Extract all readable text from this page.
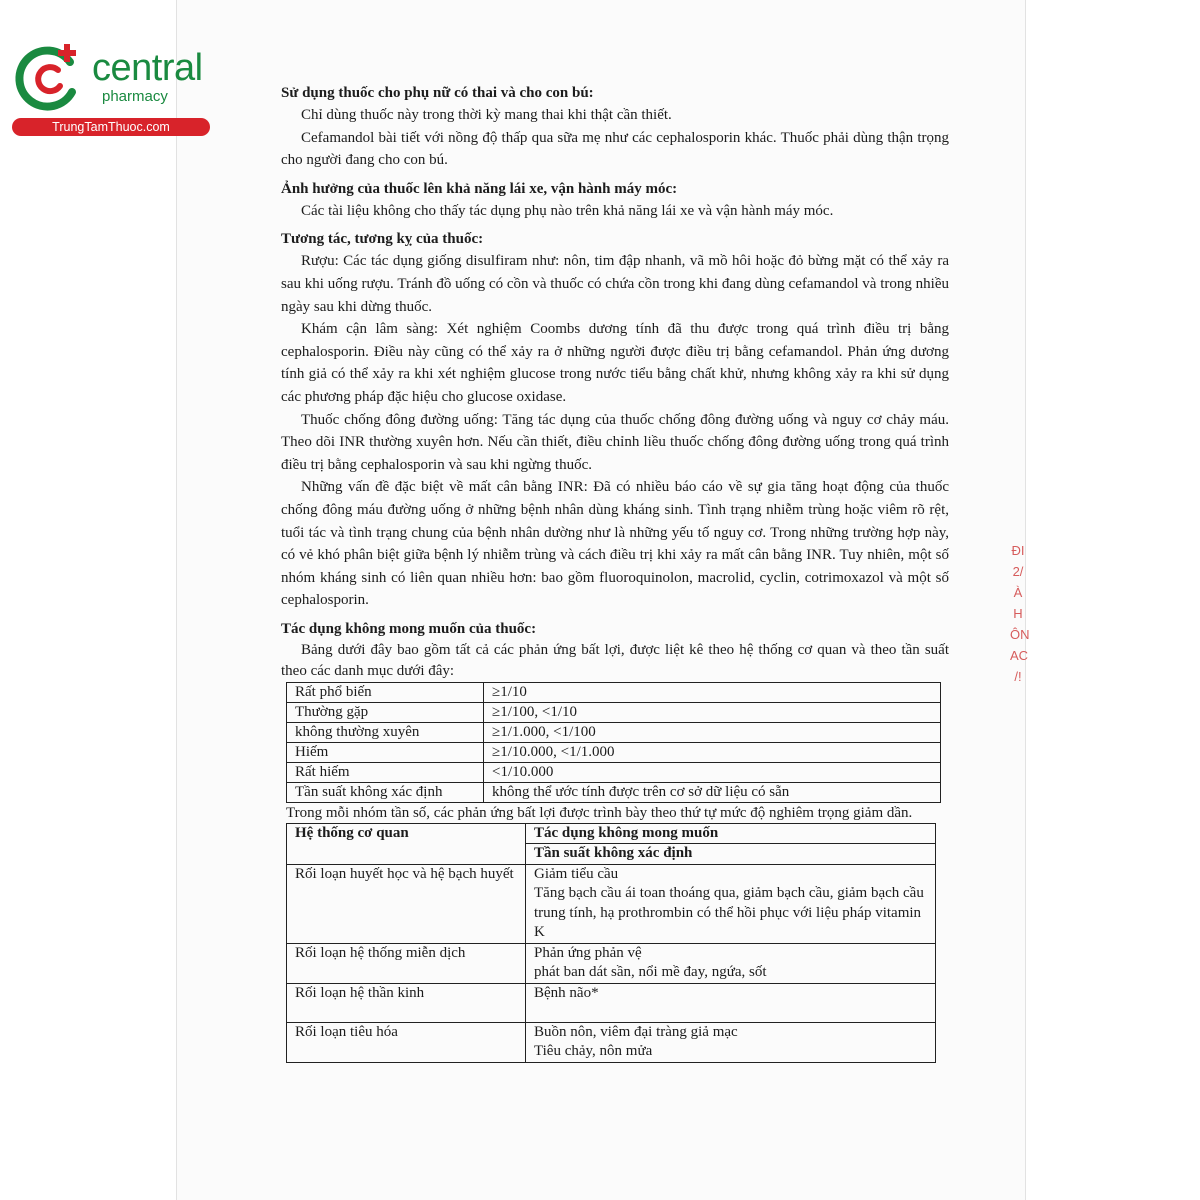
central
pharmacy
TrungTamThuoc.com
Sử dụng thuốc cho phụ nữ có thai và cho con bú:

Chỉ dùng thuốc này trong thời kỳ mang thai khi thật cần thiết.

Cefamandol bài tiết với nồng độ thấp qua sữa mẹ như các cephalosporin khác. Thuốc phải dùng thận trọng cho người đang cho con bú.

Ảnh hưởng của thuốc lên khả năng lái xe, vận hành máy móc:

Các tài liệu không cho thấy tác dụng phụ nào trên khả năng lái xe và vận hành máy móc.

Tương tác, tương kỵ của thuốc:

Rượu: Các tác dụng giống disulfiram như: nôn, tim đập nhanh, vã mồ hôi hoặc đỏ bừng mặt có thể xảy ra sau khi uống rượu. Tránh đồ uống có cồn và thuốc có chứa cồn trong khi đang dùng cefamandol và trong nhiều ngày sau khi dừng thuốc.

Khám cận lâm sàng: Xét nghiệm Coombs dương tính đã thu được trong quá trình điều trị bằng cephalosporin. Điều này cũng có thể xảy ra ở những người được điều trị bằng cefamandol. Phản ứng dương tính giả có thể xảy ra khi xét nghiệm glucose trong nước tiểu bằng chất khử, nhưng không xảy ra khi sử dụng các phương pháp đặc hiệu cho glucose oxidase.

Thuốc chống đông đường uống: Tăng tác dụng của thuốc chống đông đường uống và nguy cơ chảy máu. Theo dõi INR thường xuyên hơn. Nếu cần thiết, điều chỉnh liều thuốc chống đông đường uống trong quá trình điều trị bằng cephalosporin và sau khi ngừng thuốc.

Những vấn đề đặc biệt về mất cân bằng INR: Đã có nhiều báo cáo về sự gia tăng hoạt động của thuốc chống đông máu đường uống ở những bệnh nhân dùng kháng sinh. Tình trạng nhiễm trùng hoặc viêm rõ rệt, tuổi tác và tình trạng chung của bệnh nhân dường như là những yếu tố nguy cơ. Trong những trường hợp này, có vẻ khó phân biệt giữa bệnh lý nhiễm trùng và cách điều trị khi xảy ra mất cân bằng INR. Tuy nhiên, một số nhóm kháng sinh có liên quan nhiều hơn: bao gồm fluoroquinolon, macrolid, cyclin, cotrimoxazol và một số cephalosporin.

Tác dụng không mong muốn của thuốc:

Bảng dưới đây bao gồm tất cả các phản ứng bất lợi, được liệt kê theo hệ thống cơ quan và theo tần suất theo các danh mục dưới đây:

Rất phổ biến	≥1/10
Thường gặp	≥1/100, <1/10
không thường xuyên	≥1/1.000, <1/100
Hiếm	≥1/10.000, <1/1.000
Rất hiếm	<1/10.000
Tần suất không xác định	không thể ước tính được trên cơ sở dữ liệu có sẵn

Trong mỗi nhóm tần số, các phản ứng bất lợi được trình bày theo thứ tự mức độ nghiêm trọng giảm dần.

Hệ thống cơ quan	Tác dụng không mong muốn
	Tần suất không xác định
Rối loạn huyết học và hệ bạch huyết	Giảm tiểu cầu
Tăng bạch cầu ái toan thoáng qua, giảm bạch cầu, giảm bạch cầu trung tính, hạ prothrombin có thể hồi phục với liệu pháp vitamin K

Rối loạn hệ thống miễn dịch	Phản ứng phản vệ
phát ban dát sần, nổi mề đay, ngứa, sốt

Rối loạn hệ thần kinh	Bệnh não*

Rối loạn tiêu hóa	Buồn nôn, viêm đại tràng giả mạc
Tiêu chảy, nôn mửa
ĐI
2/
À
H
ÔN
AC
/!
